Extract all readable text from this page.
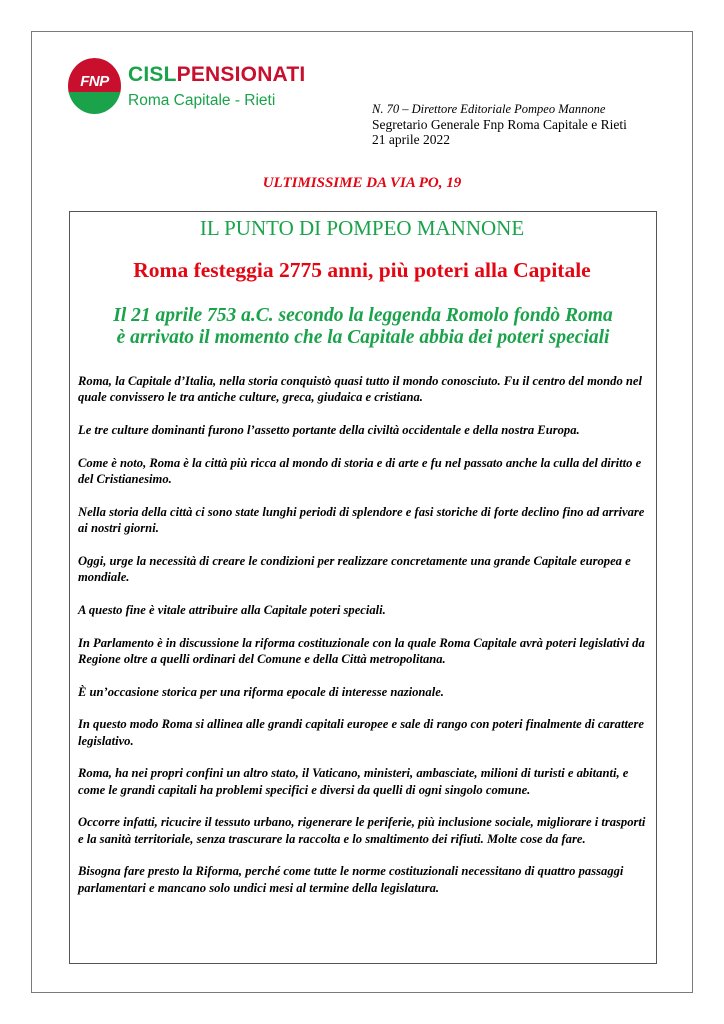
FNP CISLPENSIONATI
Roma Capitale - Rieti	N. 70 – Direttore Editoriale Pompeo Mannone
Segretario Generale Fnp Roma Capitale e Rieti
21 aprile 2022
ULTIMISSIME DA VIA PO, 19
IL PUNTO DI POMPEO MANNONE
Roma festeggia 2775 anni, più poteri alla Capitale
Il 21 aprile 753 a.C. secondo la leggenda Romolo fondò Roma
è arrivato il momento che la Capitale abbia dei poteri speciali

Roma, la Capitale d’Italia, nella storia conquistò quasi tutto il mondo conosciuto. Fu il centro del mondo nel quale convissero le tra antiche culture, greca, giudaica e cristiana.

Le tre culture dominanti furono l’assetto portante della civiltà occidentale e della nostra Europa.

Come è noto, Roma è la città più ricca al mondo di storia e di arte e fu nel passato anche la culla del diritto e del Cristianesimo.

Nella storia della città ci sono state lunghi periodi di splendore e fasi storiche di forte declino fino ad arrivare ai nostri giorni.

Oggi, urge la necessità di creare le condizioni per realizzare concretamente una grande Capitale europea e mondiale.

A questo fine è vitale attribuire alla Capitale poteri speciali.

In Parlamento è in discussione la riforma costituzionale con la quale Roma Capitale avrà poteri legislativi da Regione oltre a quelli ordinari del Comune e della Città metropolitana.

È un’occasione storica per una riforma epocale di interesse nazionale.

In questo modo Roma si allinea alle grandi capitali europee e sale di rango con poteri finalmente di carattere legislativo.

Roma, ha nei propri confini un altro stato, il Vaticano, ministeri, ambasciate, milioni di turisti e abitanti, e come le grandi capitali ha problemi specifici e diversi da quelli di ogni singolo comune.

Occorre infatti, ricucire il tessuto urbano, rigenerare le periferie, più inclusione sociale, migliorare i trasporti e la sanità territoriale, senza trascurare la raccolta e lo smaltimento dei rifiuti. Molte cose da fare.

Bisogna fare presto la Riforma, perché come tutte le norme costituzionali necessitano di quattro passaggi parlamentari e mancano solo undici mesi al termine della legislatura.
